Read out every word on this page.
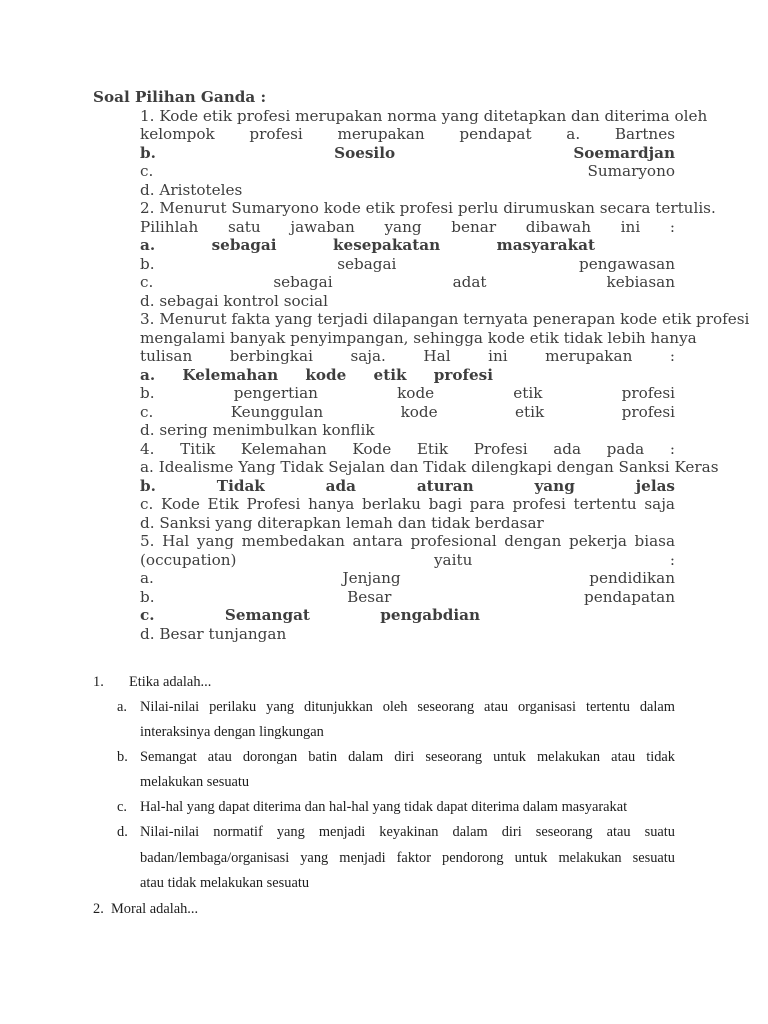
Soal Pilihan Ganda :
1. Kode etik profesi merupakan norma yang ditetapkan dan diterima oleh
kelompok profesi merupakan pendapat a. Bartnes
b. Soesilo Soemardjan
c. Sumaryono
d. Aristoteles
2. Menurut Sumaryono kode etik profesi perlu dirumuskan secara tertulis.
Pilihlah satu jawaban yang benar dibawah ini :
a. sebagai kesepakatan masyarakat
b. sebagai pengawasan
c. sebagai adat kebiasan
d. sebagai kontrol social
3. Menurut fakta yang terjadi dilapangan ternyata penerapan kode etik profesi
mengalami banyak penyimpangan, sehingga kode etik tidak lebih hanya
tulisan berbingkai saja. Hal ini merupakan :
a. Kelemahan kode etik profesi
b. pengertian kode etik profesi
c. Keunggulan kode etik profesi
d. sering menimbulkan konflik
4. Titik Kelemahan Kode Etik Profesi ada pada :
a. Idealisme Yang Tidak Sejalan dan Tidak dilengkapi dengan Sanksi Keras
b. Tidak ada aturan yang jelas
c. Kode Etik Profesi hanya berlaku bagi para profesi tertentu saja
d. Sanksi yang diterapkan lemah dan tidak berdasar
5. Hal yang membedakan antara profesional dengan pekerja biasa
(occupation) yaitu :
a. Jenjang pendidikan
b. Besar pendapatan
c. Semangat pengabdian
d. Besar tunjangan
1. Etika adalah...
a. Nilai-nilai perilaku yang ditunjukkan oleh seseorang atau organisasi tertentu dalam
interaksinya dengan lingkungan
b. Semangat atau dorongan batin dalam diri seseorang untuk melakukan atau tidak
melakukan sesuatu
c. Hal-hal yang dapat diterima dan hal-hal yang tidak dapat diterima dalam masyarakat
d. Nilai-nilai normatif yang menjadi keyakinan dalam diri seseorang atau suatu
badan/lembaga/organisasi yang menjadi faktor pendorong untuk melakukan sesuatu
atau tidak melakukan sesuatu
2.  Moral adalah...
